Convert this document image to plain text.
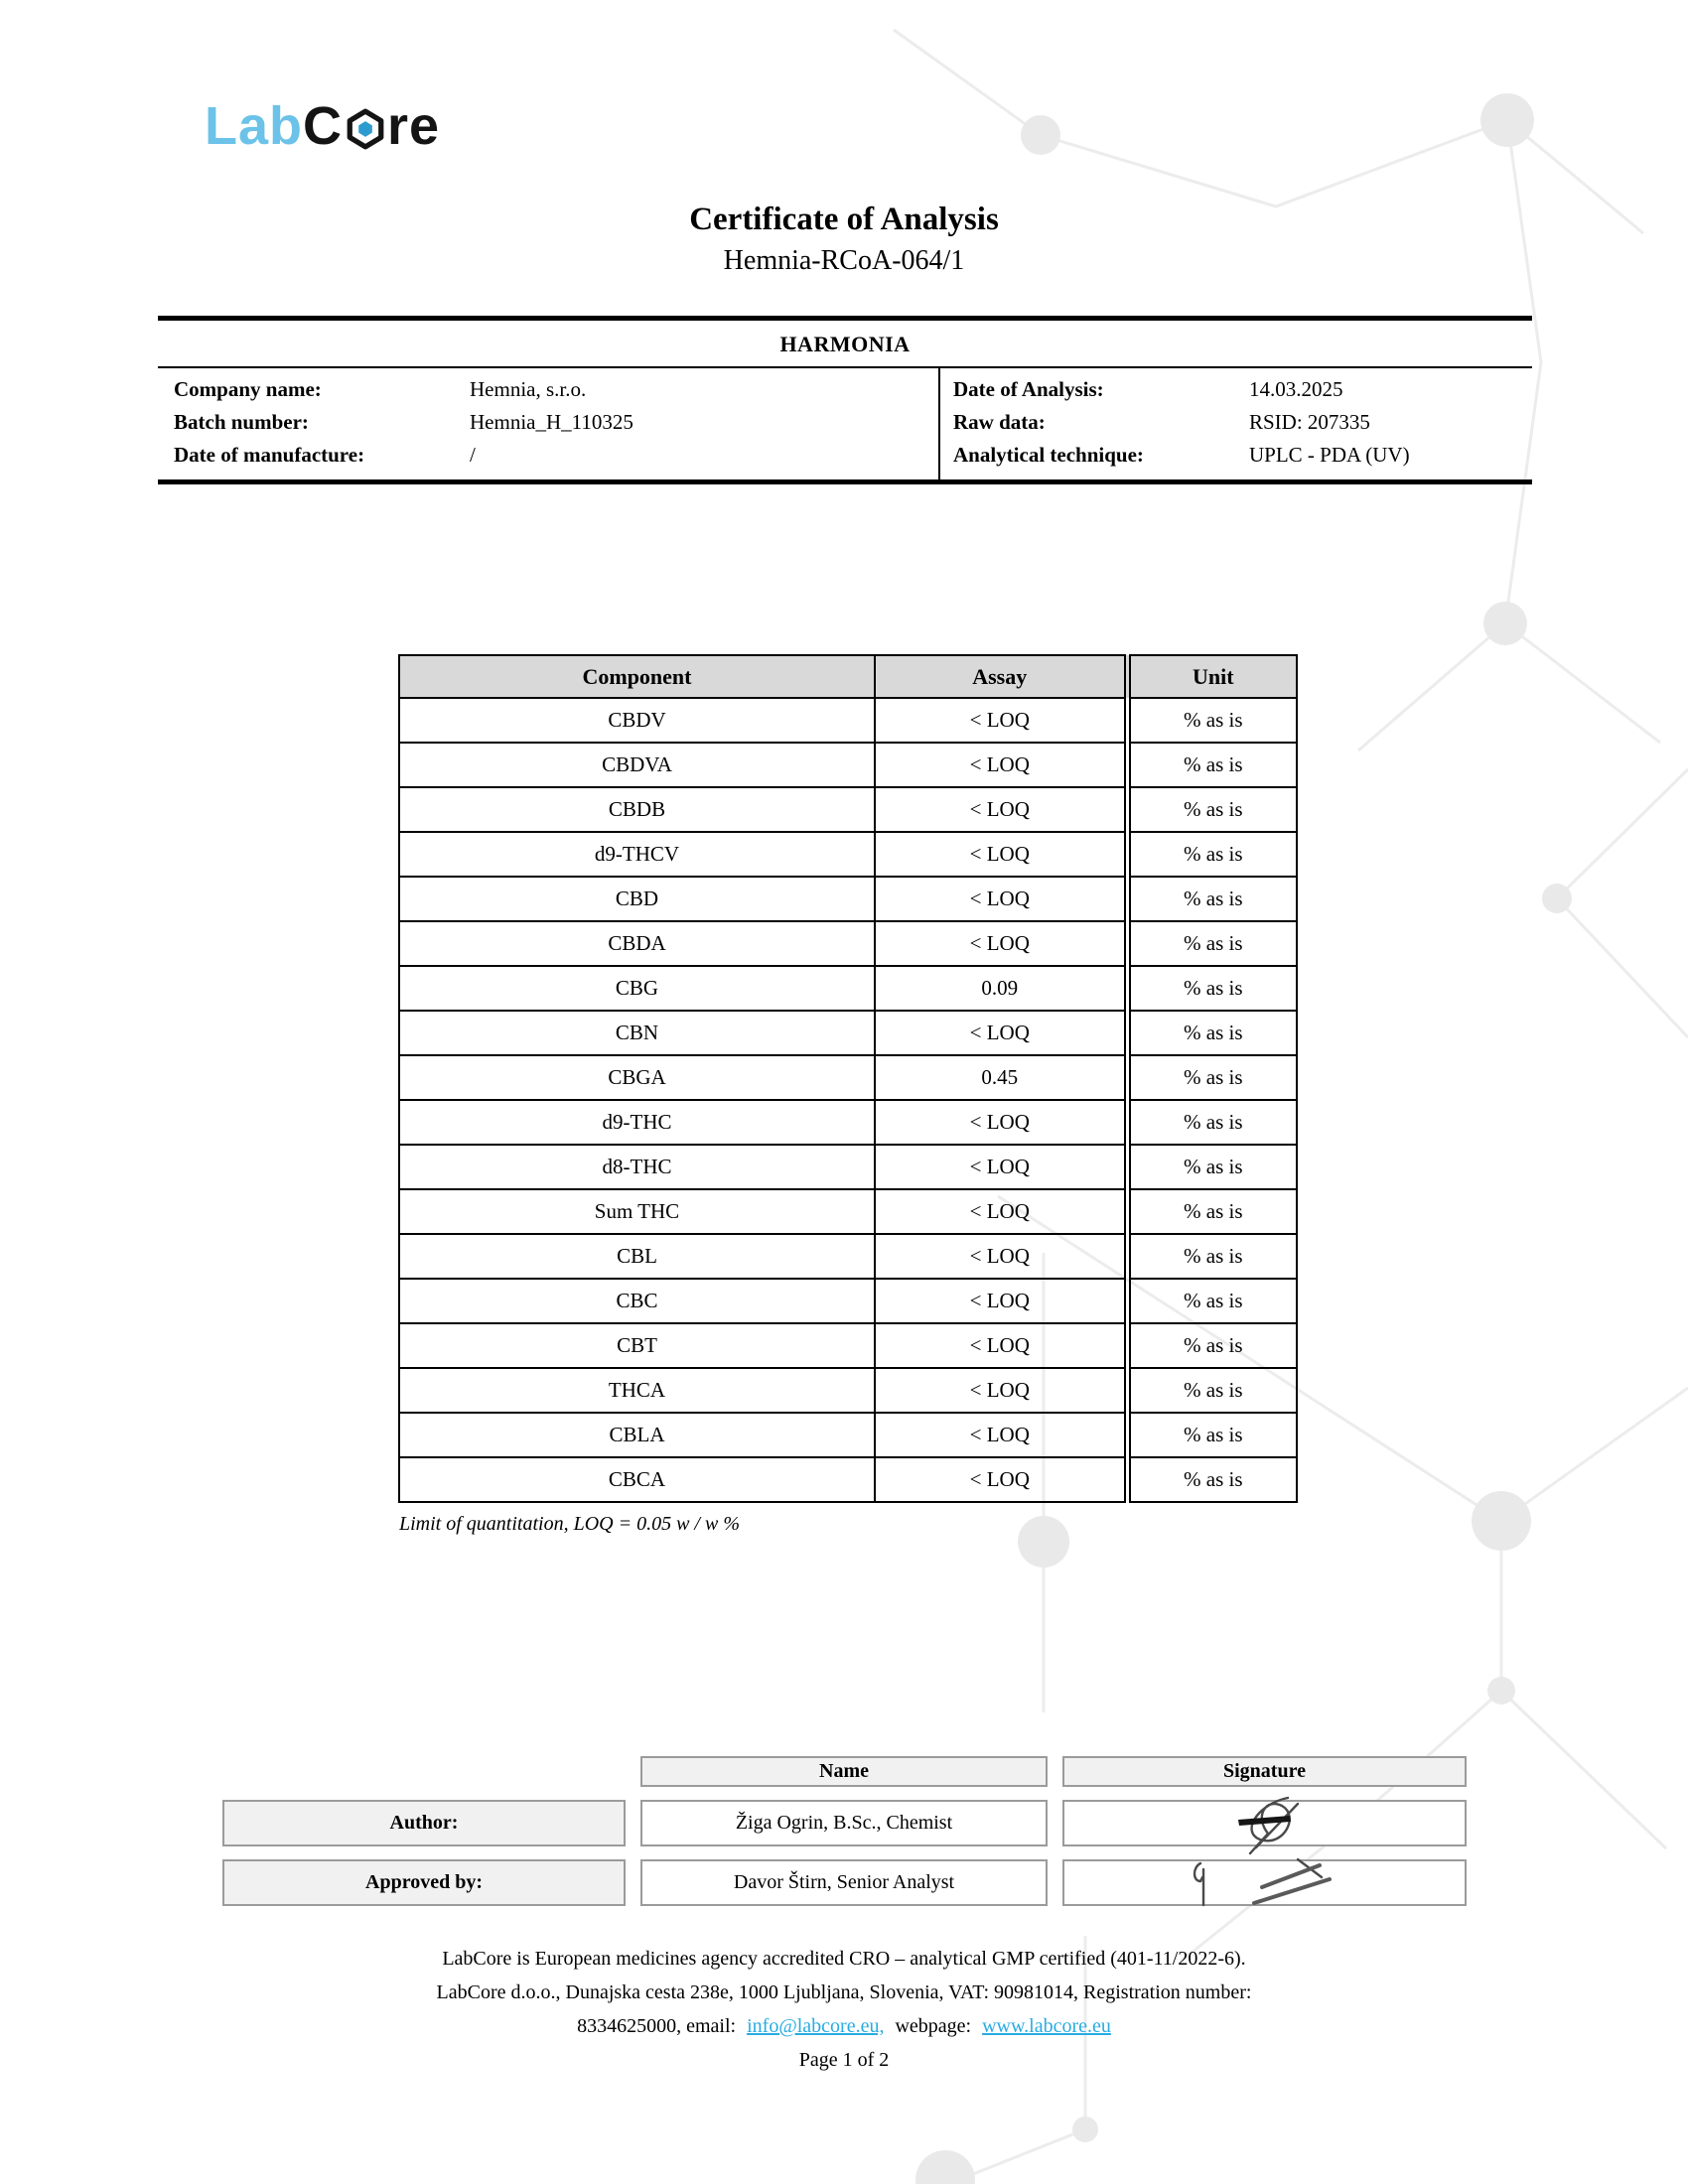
Lab C re
Certificate of Analysis
Hemnia-RCoA-064/1
HARMONIA
Company name:	Hemnia, s.r.o.
Batch number:	Hemnia_H_110325
Date of manufacture:	/
Date of Analysis:	14.03.2025
Raw data:	RSID: 207335
Analytical technique:	UPLC - PDA (UV)
Component	Assay	Unit
CBDV	< LOQ	% as is
CBDVA	< LOQ	% as is
CBDB	< LOQ	% as is
d9-THCV	< LOQ	% as is
CBD	< LOQ	% as is
CBDA	< LOQ	% as is
CBG	0.09	% as is
CBN	< LOQ	% as is
CBGA	0.45	% as is
d9-THC	< LOQ	% as is
d8-THC	< LOQ	% as is
Sum THC	< LOQ	% as is
CBL	< LOQ	% as is
CBC	< LOQ	% as is
CBT	< LOQ	% as is
THCA	< LOQ	% as is
CBLA	< LOQ	% as is
CBCA	< LOQ	% as is
Limit of quantitation, LOQ = 0.05 w / w %
Name	Signature
Author:	Žiga Ogrin, B.Sc., Chemist
Approved by:	Davor Štirn, Senior Analyst
LabCore is European medicines agency accredited CRO – analytical GMP certified (401-11/2022-6).
LabCore d.o.o., Dunajska cesta 238e, 1000 Ljubljana, Slovenia, VAT: 90981014, Registration number:
8334625000, email: info@labcore.eu, webpage: www.labcore.eu
Page 1 of 2
